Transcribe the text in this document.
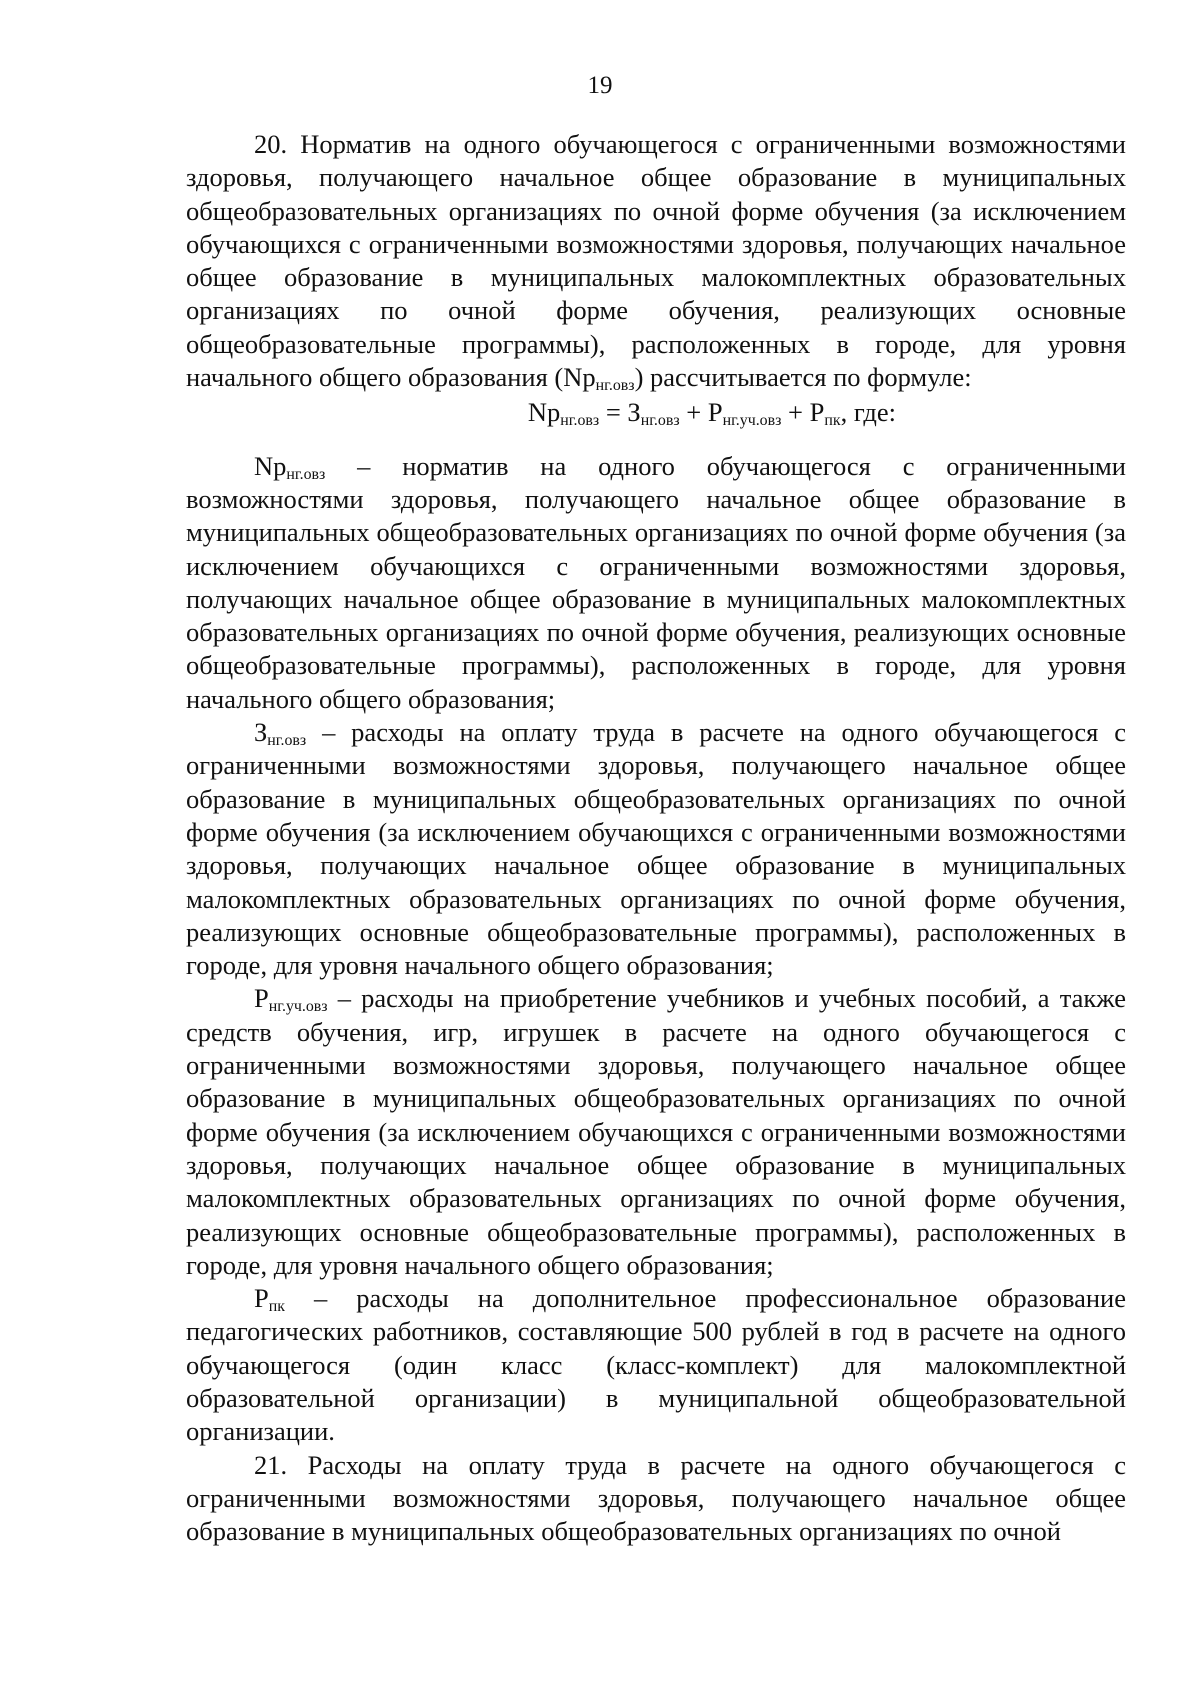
19

20. Норматив на одного обучающегося с ограниченными возможностями здоровья, получающего начальное общее образование в муниципальных общеобразовательных организациях по очной форме обучения (за исключением обучающихся с ограниченными возможностями здоровья, получающих начальное общее образование в муниципальных малокомплектных образовательных организациях по очной форме обучения, реализующих основные общеобразовательные программы), расположенных в городе, для уровня начального общего образования $(Np_{нг.овз})$ рассчитывается по формуле:

$Np_{нг.овз} = З_{нг.овз} + Р_{нг.уч.овз} + Р_{пк}$, где:

$Np_{нг.овз}$ – норматив на одного обучающегося с ограниченными возможностями здоровья, получающего начальное общее образование в муниципальных общеобразовательных организациях по очной форме обучения (за исключением обучающихся с ограниченными возможностями здоровья, получающих начальное общее образование в муниципальных малокомплектных образовательных организациях по очной форме обучения, реализующих основные общеобразовательные программы), расположенных в городе, для уровня начального общего образования;

$З_{нг.овз}$ – расходы на оплату труда в расчете на одного обучающегося с ограниченными возможностями здоровья, получающего начальное общее образование в муниципальных общеобразовательных организациях по очной форме обучения (за исключением обучающихся с ограниченными возможностями здоровья, получающих начальное общее образование в муниципальных малокомплектных образовательных организациях по очной форме обучения, реализующих основные общеобразовательные программы), расположенных в городе, для уровня начального общего образования;

$Р_{нг.уч.овз}$ – расходы на приобретение учебников и учебных пособий, а также средств обучения, игр, игрушек в расчете на одного обучающегося с ограниченными возможностями здоровья, получающего начальное общее образование в муниципальных общеобразовательных организациях по очной форме обучения (за исключением обучающихся с ограниченными возможностями здоровья, получающих начальное общее образование в муниципальных малокомплектных образовательных организациях по очной форме обучения, реализующих основные общеобразовательные программы), расположенных в городе, для уровня начального общего образования;

$Р_{пк}$ – расходы на дополнительное профессиональное образование педагогических работников, составляющие 500 рублей в год в расчете на одного обучающегося (один класс (класс-комплект) для малокомплектной образовательной организации) в муниципальной общеобразовательной организации.

21. Расходы на оплату труда в расчете на одного обучающегося с ограниченными возможностями здоровья, получающего начальное общее образование в муниципальных общеобразовательных организациях по очной
